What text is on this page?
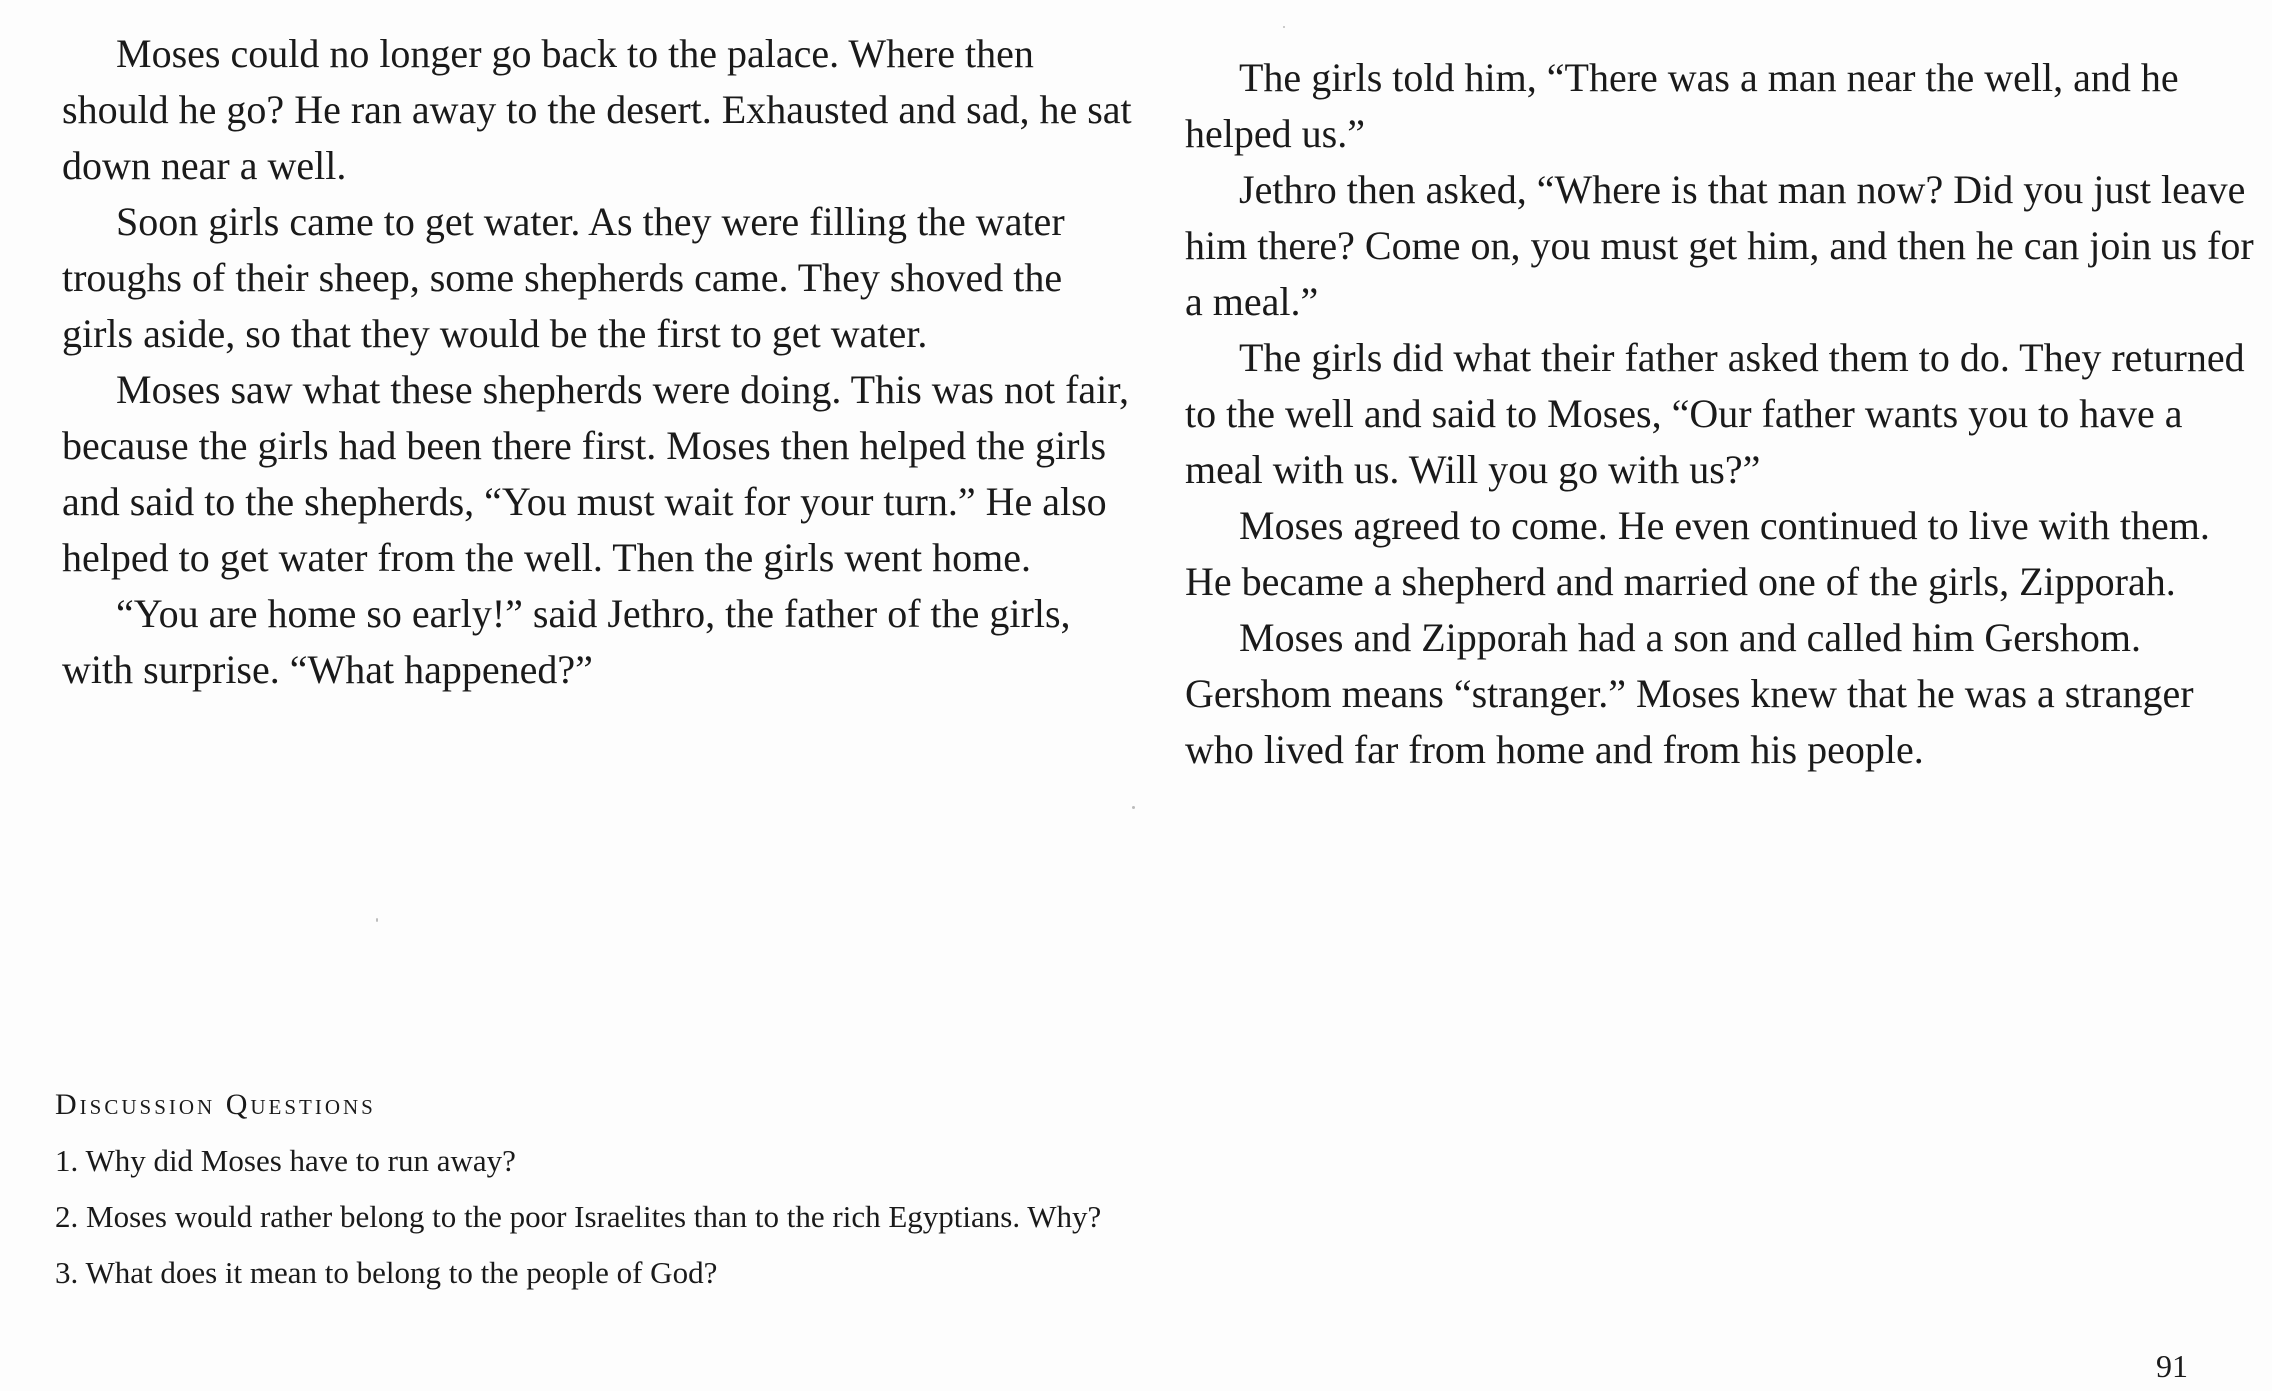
Moses could no longer go back to the palace. Where then should he go? He ran away to the desert. Exhausted and sad, he sat down near a well.

Soon girls came to get water. As they were filling the water troughs of their sheep, some shepherds came. They shoved the girls aside, so that they would be the first to get water.

Moses saw what these shepherds were doing. This was not fair, because the girls had been there first. Moses then helped the girls and said to the shepherds, “You must wait for your turn.” He also helped to get water from the well. Then the girls went home.

“You are home so early!” said Jethro, the father of the girls, with surprise. “What happened?”

The girls told him, “There was a man near the well, and he helped us.”

Jethro then asked, “Where is that man now? Did you just leave him there? Come on, you must get him, and then he can join us for a meal.”

The girls did what their father asked them to do. They returned to the well and said to Moses, “Our father wants you to have a meal with us. Will you go with us?”

Moses agreed to come. He even continued to live with them. He became a shepherd and married one of the girls, Zipporah.

Moses and Zipporah had a son and called him Gershom. Gershom means “stranger.” Moses knew that he was a stranger who lived far from home and from his people.

Discussion Questions
1. Why did Moses have to run away?
2. Moses would rather belong to the poor Israelites than to the rich Egyptians. Why?
3. What does it mean to belong to the people of God?
91
